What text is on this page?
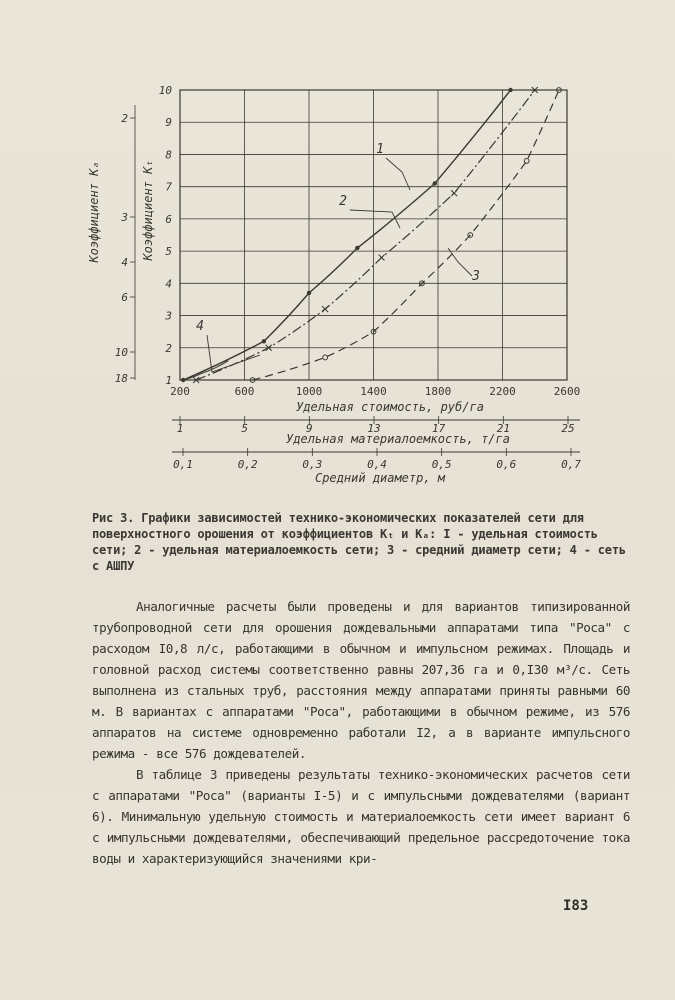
1
2
3
4
5
6
7
8
9
10
2
3
4
6
10
18
200	600	1000	1400	1800	2200	2600
1	5	9	13	17	21	25
0,1	0,2	0,3	0,4	0,5	0,6	0,7
Коэффициент Kₐ	Коэффициент Kₜ
Удельная стоимость, руб/га
Удельная материалоемкость, т/га
Средний диаметр, м
1
2
3
4
Рис 3. Графики зависимостей технико-экономических показателей сети для поверхностного орошения от коэффициентов Kₜ и Kₐ: I - удельная стоимость сети; 2 - удельная материалоемкость сети; 3 - средний диаметр сети; 4 - сеть с АШПУ

Аналогичные расчеты были проведены и для вариантов типизированной трубопроводной сети для орошения дождевальными аппаратами типа "Роса" с расходом I0,8 л/с, работающими в обычном и импульсном режимах. Площадь и головной расход системы соответственно равны 207,36 га и 0,I30 м³/с. Сеть выполнена из стальных труб, расстояния между аппаратами приняты равными 60 м. В вариантах с аппаратами "Роса", работающими в обычном режиме, из 576 аппаратов на системе одновременно работали I2, а в варианте импульсного режима - все 576 дождевателей.

В таблице 3 приведены результаты технико-экономических расчетов сети с аппаратами "Роса" (варианты I-5) и с импульсными дождевателями (вариант 6). Минимальную удельную стоимость и материалоемкость сети имеет вариант 6 с импульсными дождевателями, обеспечивающий предельное рассредоточение тока воды и характеризующийся значениями кри-

I83
